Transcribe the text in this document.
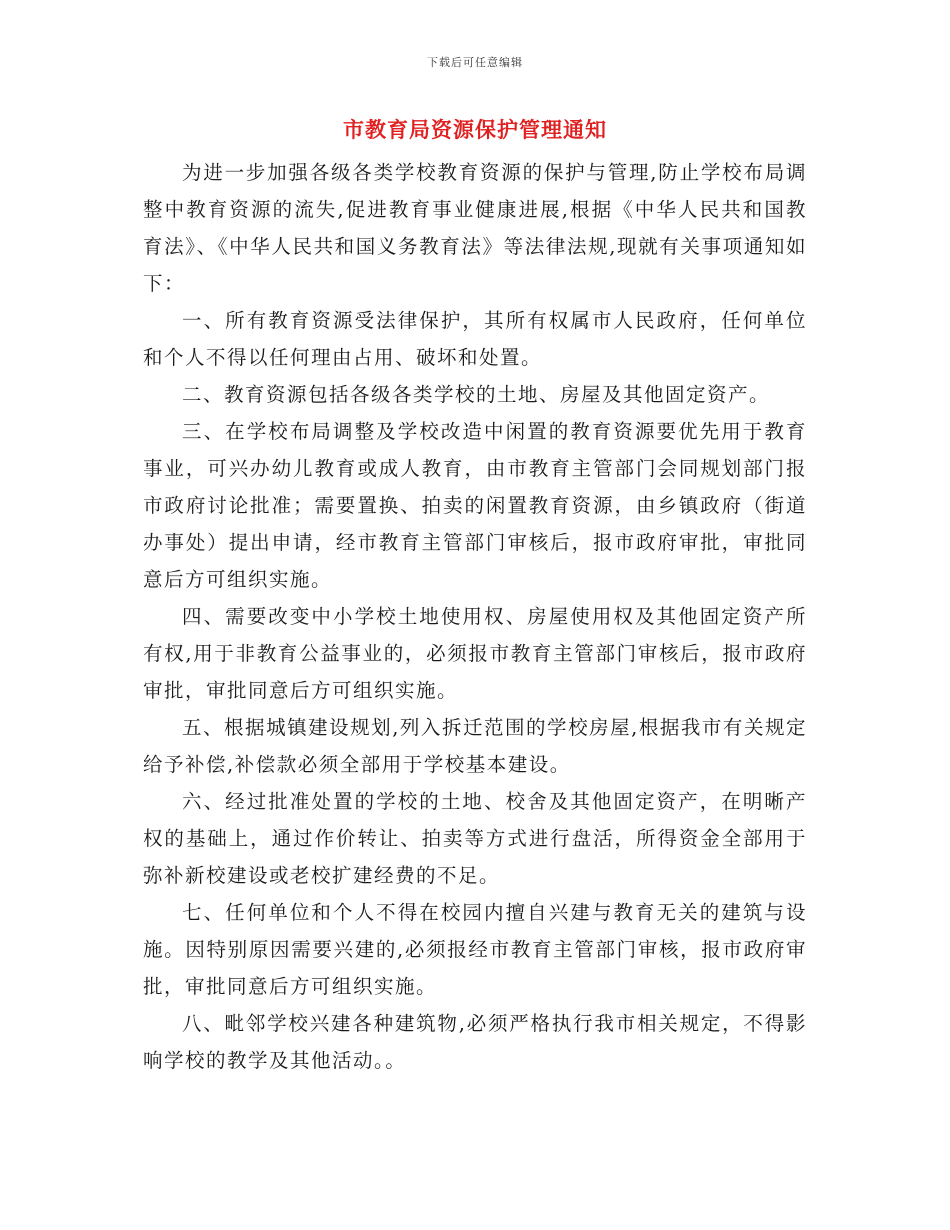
下载后可任意编辑
市教育局资源保护管理通知

为进一步加强各级各类学校教育资源的保护与管理,防止学校布局调整中教育资源的流失,促进教育事业健康进展,根据《中华人民共和国教育法》、《中华人民共和国义务教育法》等法律法规,现就有关事项通知如下：

一、所有教育资源受法律保护，其所有权属市人民政府，任何单位和个人不得以任何理由占用、破坏和处置。

二、教育资源包括各级各类学校的土地、房屋及其他固定资产。

三、在学校布局调整及学校改造中闲置的教育资源要优先用于教育事业，可兴办幼儿教育或成人教育，由市教育主管部门会同规划部门报市政府讨论批准；需要置换、拍卖的闲置教育资源，由乡镇政府（街道办事处）提出申请，经市教育主管部门审核后，报市政府审批，审批同意后方可组织实施。

四、需要改变中小学校土地使用权、房屋使用权及其他固定资产所有权,用于非教育公益事业的，必须报市教育主管部门审核后，报市政府审批，审批同意后方可组织实施。

五、根据城镇建设规划,列入拆迁范围的学校房屋,根据我市有关规定给予补偿,补偿款必须全部用于学校基本建设。

六、经过批准处置的学校的土地、校舍及其他固定资产，在明晰产权的基础上，通过作价转让、拍卖等方式进行盘活，所得资金全部用于弥补新校建设或老校扩建经费的不足。

七、任何单位和个人不得在校园内擅自兴建与教育无关的建筑与设施。因特别原因需要兴建的,必须报经市教育主管部门审核，报市政府审批，审批同意后方可组织实施。

八、毗邻学校兴建各种建筑物,必须严格执行我市相关规定，不得影响学校的教学及其他活动。。
